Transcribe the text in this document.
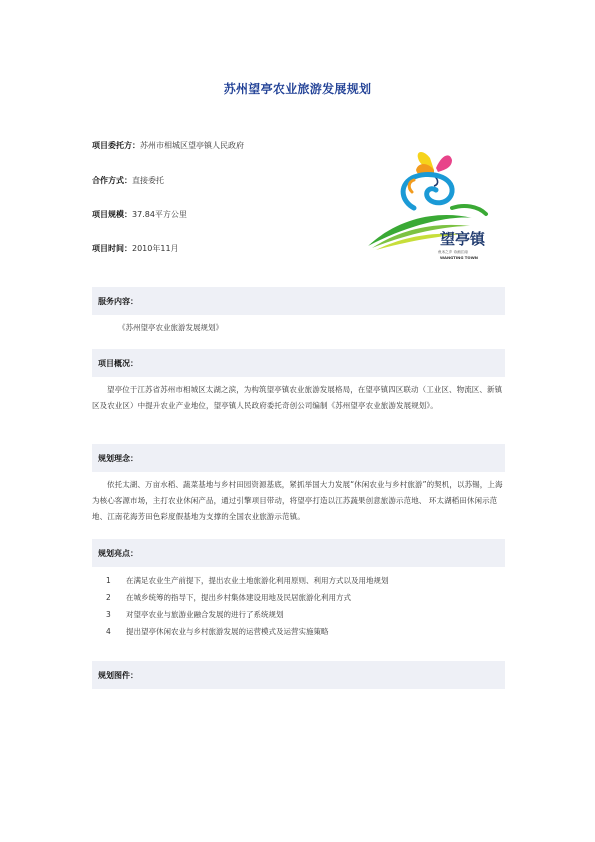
苏州望亭农业旅游发展规划
项目委托方：苏州市相城区望亭镇人民政府
合作方式：直接委托
项目规模：37.84平方公里
项目时间：2010年11月
望亭镇
鱼米之乡 诗画江南
WANGTING TOWN
服务内容：
《苏州望亭农业旅游发展规划》
项目概况：
望亭位于江苏省苏州市相城区太湖之滨，为构筑望亭镇农业旅游发展格局，在望亭镇四区联动（工业区、物流区、新镇区及农业区）中提升农业产业地位，望亭镇人民政府委托奇创公司编制《苏州望亭农业旅游发展规划》。
规划理念：
依托太湖、万亩水稻、蔬菜基地与乡村田园资源基底，紧抓举国大力发展“休闲农业与乡村旅游”的契机，以苏锡，上海为核心客源市场，主打农业休闲产品，通过引擎项目带动，将望亭打造以江苏蔬果创意旅游示范地、 环太湖稻田休闲示范地、江南花海芳田色彩度假基地为支撑的全国农业旅游示范镇。
规划亮点：
1 在满足农业生产前提下，提出农业土地旅游化利用原则、利用方式以及用地规划
2 在城乡统筹的指导下，提出乡村集体建设用地及民居旅游化利用方式
3 对望亭农业与旅游业融合发展的进行了系统规划
4 提出望亭休闲农业与乡村旅游发展的运营模式及运营实施策略
规划图件：
